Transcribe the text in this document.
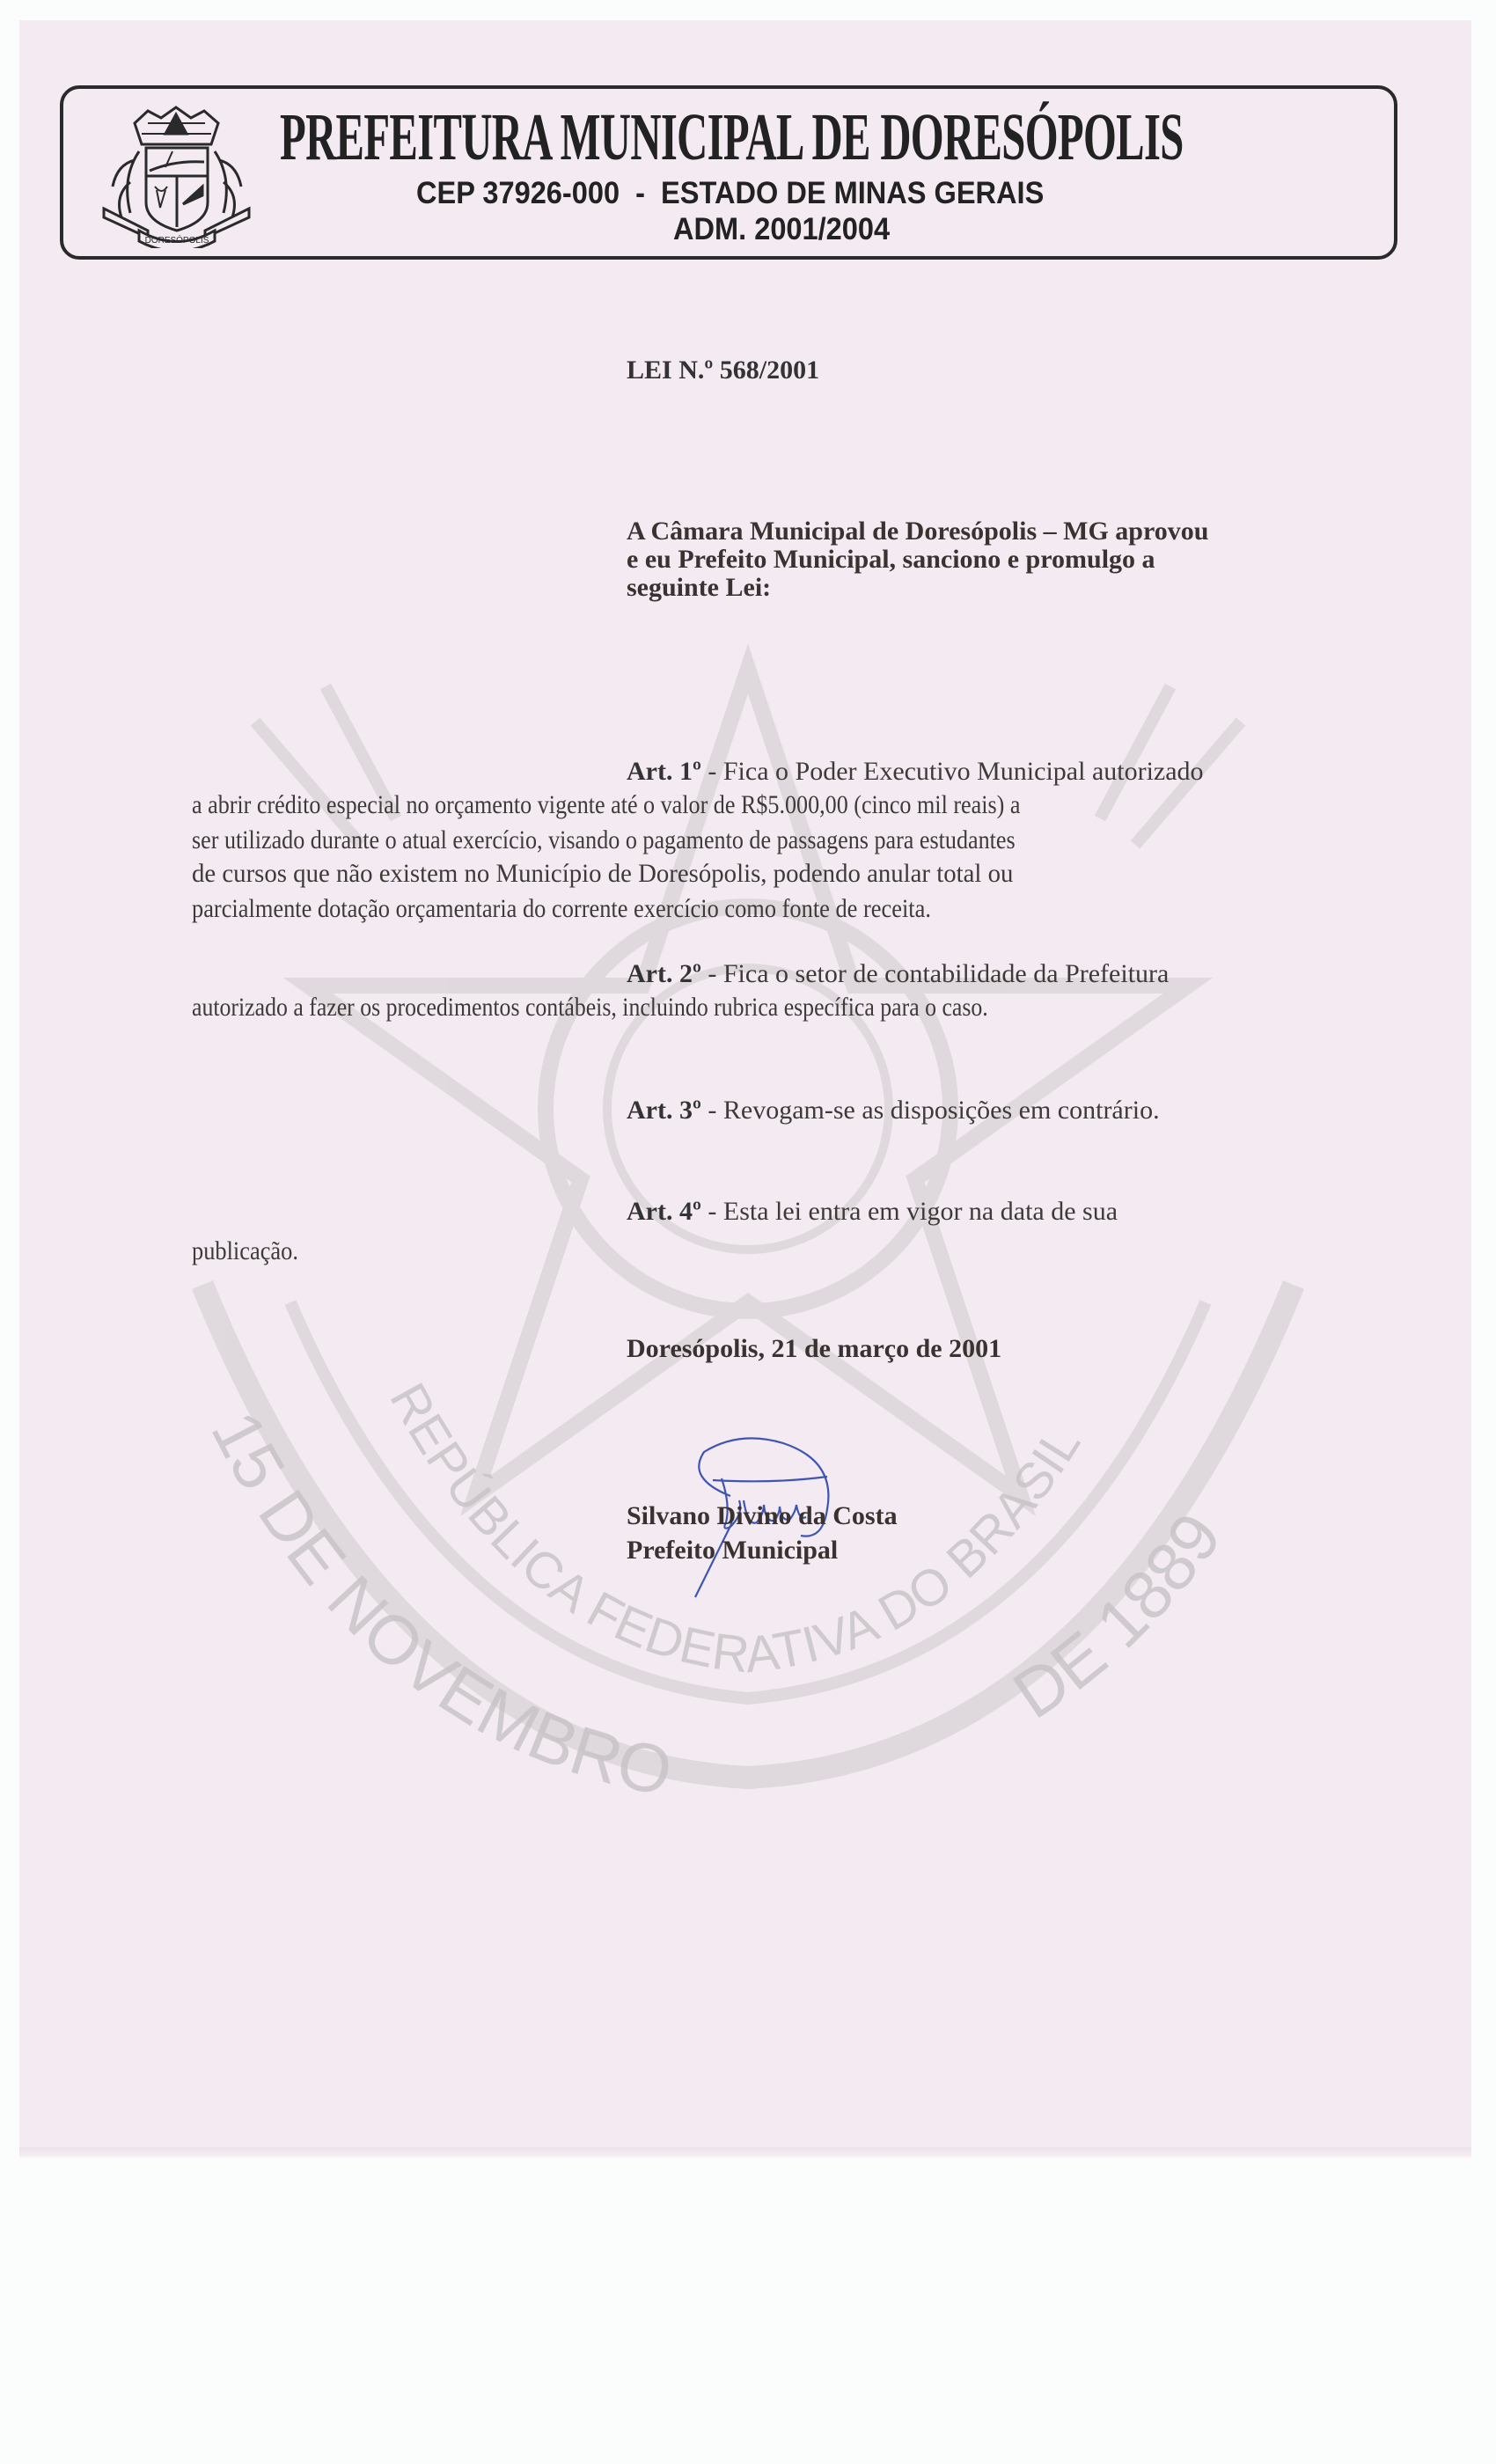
15 DE NOVEMBRO
DE 1889
REPÚBLICA FEDERATIVA DO BRASIL
DORESÓPOLIS
PREFEITURA MUNICIPAL DE DORESÓPOLIS
CEP 37926-000  -  ESTADO DE MINAS GERAIS
ADM. 2001/2004
LEI N.º 568/2001
A Câmara Municipal de Doresópolis – MG aprovou e eu Prefeito Municipal, sanciono e promulgo a seguinte Lei:
Art. 1º - Fica o Poder Executivo Municipal autorizado
a abrir crédito especial no orçamento vigente até o valor de R$5.000,00 (cinco mil reais) a
ser utilizado durante o atual exercício, visando o pagamento de passagens para estudantes
de cursos que não existem no Município de Doresópolis, podendo anular total ou
parcialmente dotação orçamentaria do corrente exercício como fonte de receita.
Art. 2º - Fica o setor de contabilidade da Prefeitura
autorizado a fazer os procedimentos contábeis, incluindo rubrica específica para o caso.
Art. 3º - Revogam-se as disposições em contrário.
Art. 4º - Esta lei entra em vigor na data de sua
publicação.
Doresópolis, 21 de março de 2001
Silvano Divino da Costa
Prefeito Municipal
